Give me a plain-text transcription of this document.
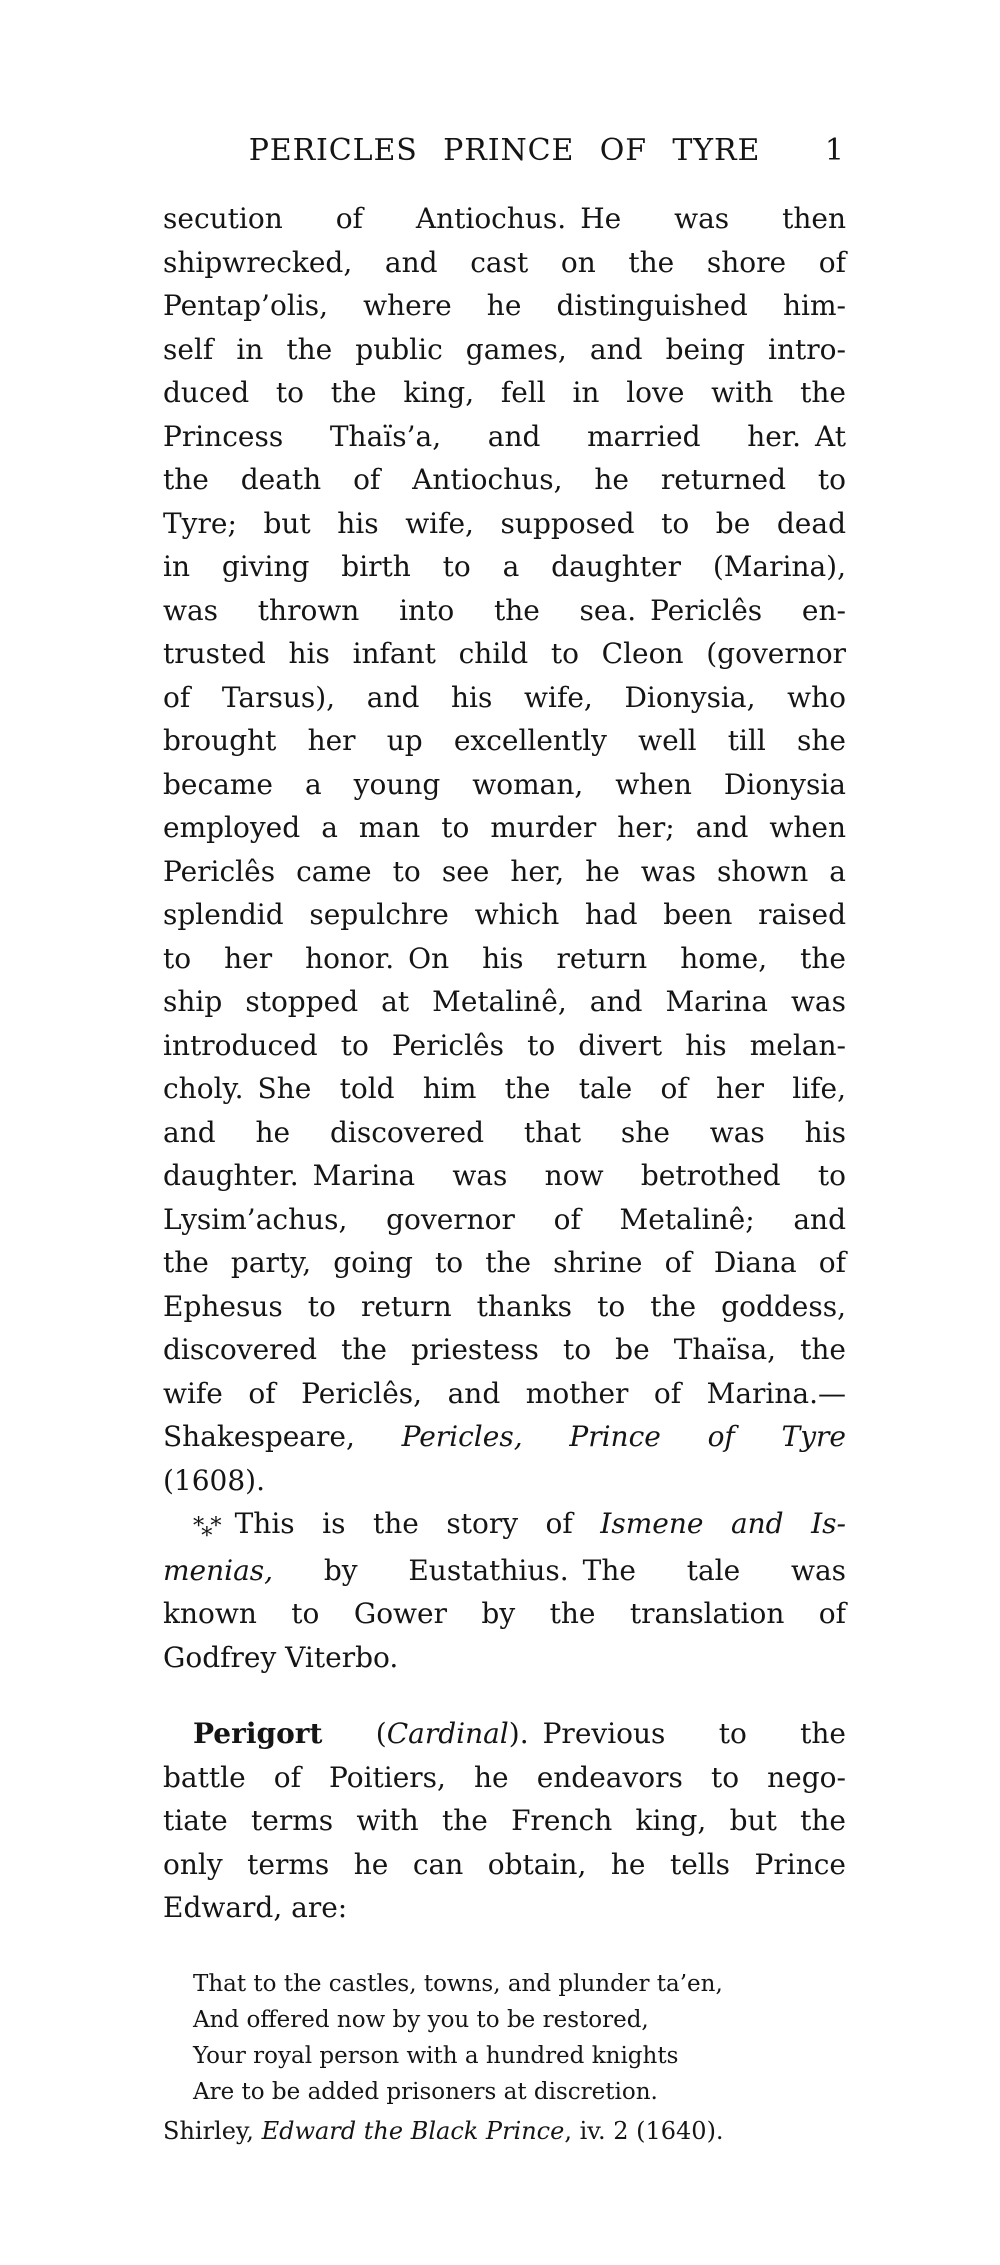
PERICLES PRINCE OF TYRE	1
secution of Antiochus. He was then
shipwrecked, and cast on the shore of
Pentap’olis, where he distinguished him-
self in the public games, and being intro-
duced to the king, fell in love with the
Princess Thaïs’a, and married her. At
the death of Antiochus, he returned to
Tyre; but his wife, supposed to be dead
in giving birth to a daughter (Marina),
was thrown into the sea. Periclês en-
trusted his infant child to Cleon (governor
of Tarsus), and his wife, Dionysia, who
brought her up excellently well till she
became a young woman, when Dionysia
employed a man to murder her; and when
Periclês came to see her, he was shown a
splendid sepulchre which had been raised
to her honor. On his return home, the
ship stopped at Metalinê, and Marina was
introduced to Periclês to divert his melan-
choly. She told him the tale of her life,
and he discovered that she was his
daughter. Marina was now betrothed to
Lysim’achus, governor of Metalinê; and
the party, going to the shrine of Diana of
Ephesus to return thanks to the goddess,
discovered the priestess to be Thaïsa, the
wife of Periclês, and mother of Marina.—
Shakespeare, Pericles, Prince of Tyre
(1608).
$*_**$ This is the story of Ismene and Is-
menias, by Eustathius. The tale was
known to Gower by the translation of
Godfrey Viterbo.
Perigort (Cardinal). Previous to the
battle of Poitiers, he endeavors to nego-
tiate terms with the French king, but the
only terms he can obtain, he tells Prince
Edward, are:
That to the castles, towns, and plunder ta’en,
And offered now by you to be restored,
Your royal person with a hundred knights
Are to be added prisoners at discretion.
Shirley, Edward the Black Prince, iv. 2 (1640).
